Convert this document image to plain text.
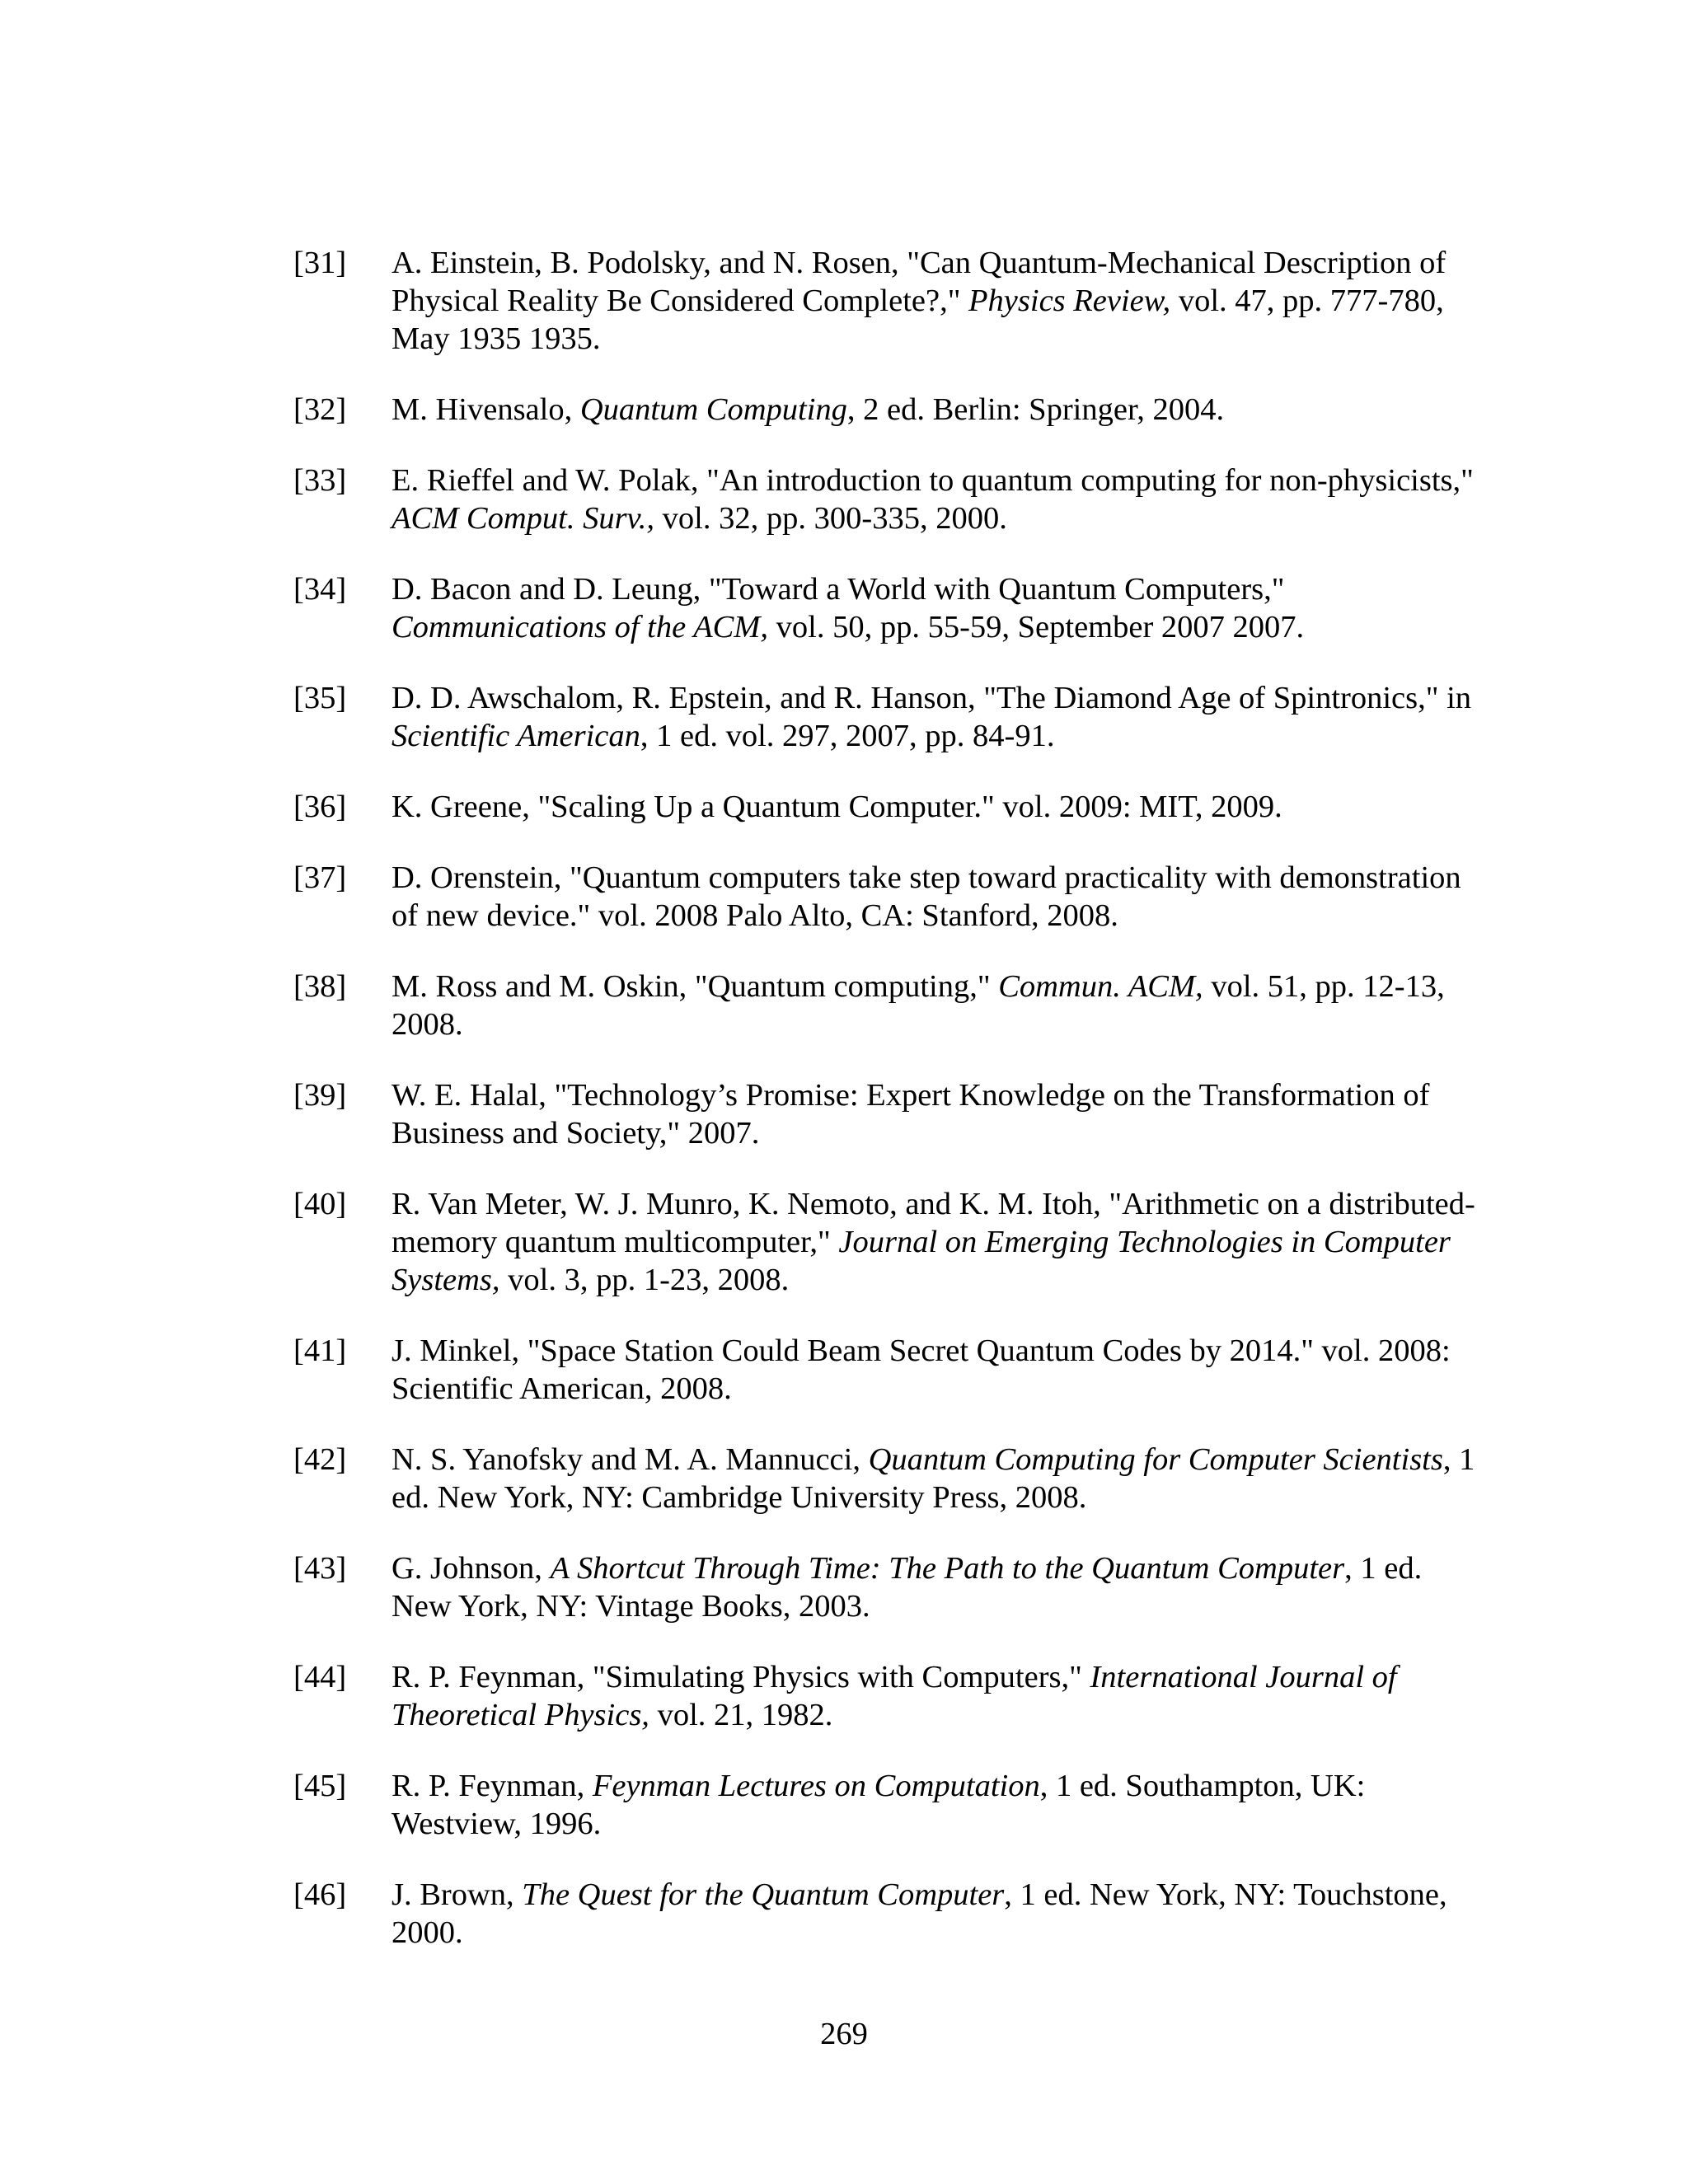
[31]	A. Einstein, B. Podolsky, and N. Rosen, "Can Quantum-Mechanical Description of Physical Reality Be Considered Complete?," Physics Review, vol. 47, pp. 777-780, May 1935 1935.
[32]	M. Hivensalo, Quantum Computing, 2 ed. Berlin: Springer, 2004.
[33]	E. Rieffel and W. Polak, "An introduction to quantum computing for non-physicists," ACM Comput. Surv., vol. 32, pp. 300-335, 2000.
[34]	D. Bacon and D. Leung, "Toward a World with Quantum Computers," Communications of the ACM, vol. 50, pp. 55-59, September 2007 2007.
[35]	D. D. Awschalom, R. Epstein, and R. Hanson, "The Diamond Age of Spintronics," in Scientific American, 1 ed. vol. 297, 2007, pp. 84-91.
[36]	K. Greene, "Scaling Up a Quantum Computer." vol. 2009: MIT, 2009.
[37]	D. Orenstein, "Quantum computers take step toward practicality with demonstration of new device." vol. 2008 Palo Alto, CA: Stanford, 2008.
[38]	M. Ross and M. Oskin, "Quantum computing," Commun. ACM, vol. 51, pp. 12-13, 2008.
[39]	W. E. Halal, "Technology’s Promise: Expert Knowledge on the Transformation of Business and Society," 2007.
[40]	R. Van Meter, W. J. Munro, K. Nemoto, and K. M. Itoh, "Arithmetic on a distributed-memory quantum multicomputer," Journal on Emerging Technologies in Computer Systems, vol. 3, pp. 1-23, 2008.
[41]	J. Minkel, "Space Station Could Beam Secret Quantum Codes by 2014." vol. 2008: Scientific American, 2008.
[42]	N. S. Yanofsky and M. A. Mannucci, Quantum Computing for Computer Scientists, 1 ed. New York, NY: Cambridge University Press, 2008.
[43]	G. Johnson, A Shortcut Through Time: The Path to the Quantum Computer, 1 ed. New York, NY: Vintage Books, 2003.
[44]	R. P. Feynman, "Simulating Physics with Computers," International Journal of Theoretical Physics, vol. 21, 1982.
[45]	R. P. Feynman, Feynman Lectures on Computation, 1 ed. Southampton, UK: Westview, 1996.
[46]	J. Brown, The Quest for the Quantum Computer, 1 ed. New York, NY: Touchstone, 2000.
269
